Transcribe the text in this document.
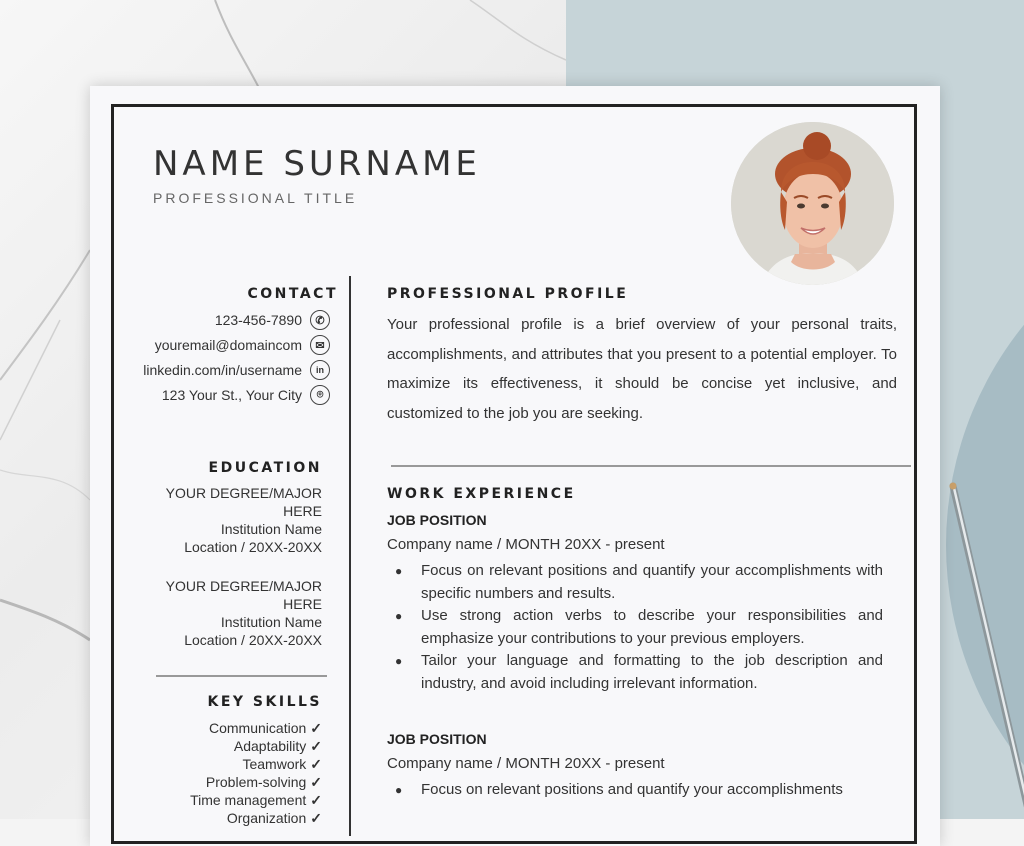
NAME SURNAME
PROFESSIONAL TITLE
CONTACT
123-456-7890	✆
youremail@domaincom	✉
linkedin.com/in/username	in
123 Your St., Your City	⌾
EDUCATION
YOUR DEGREE/MAJOR
HERE
Institution Name
Location / 20XX-20XX
YOUR DEGREE/MAJOR
HERE
Institution Name
Location / 20XX-20XX
KEY SKILLS
Communication ✓
Adaptability ✓
Teamwork ✓
Problem-solving ✓
Time management ✓
Organization ✓
PROFESSIONAL PROFILE
Your professional profile is a brief overview of your personal traits, accomplishments, and attributes that you present to a potential employer. To maximize its effectiveness, it should be concise yet inclusive, and customized to the job you are seeking.
WORK EXPERIENCE
JOB POSITION
Company name / MONTH 20XX - present
● Focus on relevant positions and quantify your accomplishments with specific numbers and results.
● Use strong action verbs to describe your responsibilities and emphasize your contributions to your previous employers.
● Tailor your language and formatting to the job description and industry, and avoid including irrelevant information.
JOB POSITION
Company name / MONTH 20XX - present
● Focus on relevant positions and quantify your accomplishments
